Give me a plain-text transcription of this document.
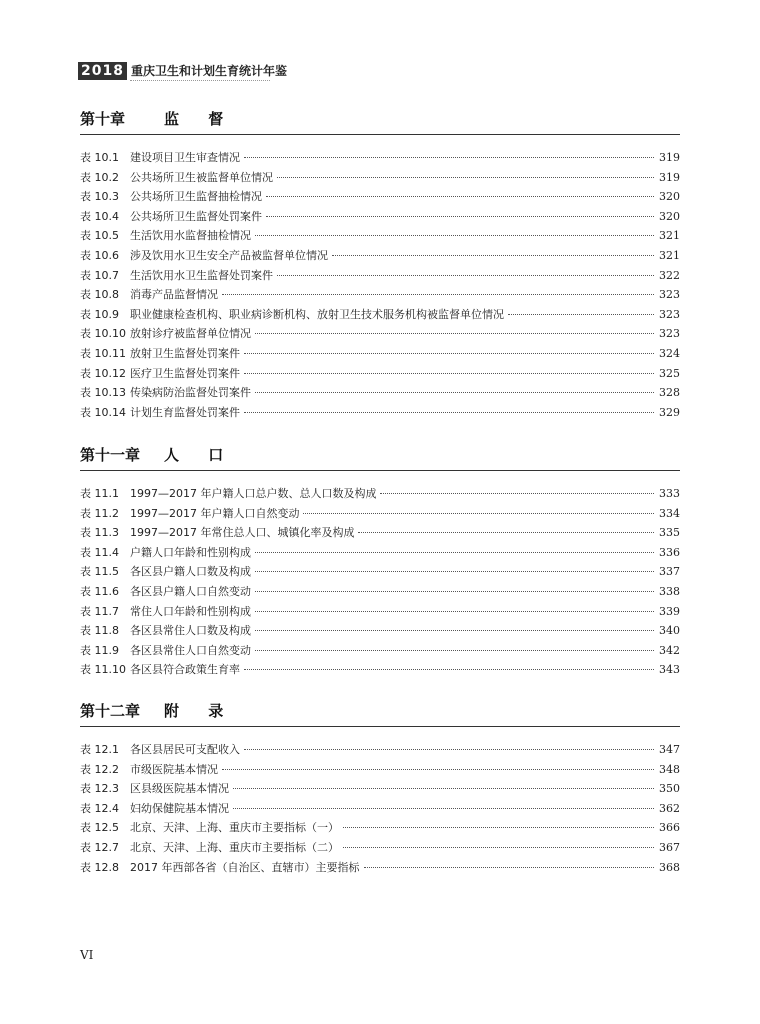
2018 重庆卫生和计划生育统计年鉴
第十章	监 督
表 10.1	建设项目卫生审查情况	319
表 10.2	公共场所卫生被监督单位情况	319
表 10.3	公共场所卫生监督抽检情况	320
表 10.4	公共场所卫生监督处罚案件	320
表 10.5	生活饮用水监督抽检情况	321
表 10.6	涉及饮用水卫生安全产品被监督单位情况	321
表 10.7	生活饮用水卫生监督处罚案件	322
表 10.8	消毒产品监督情况	323
表 10.9	职业健康检查机构、职业病诊断机构、放射卫生技术服务机构被监督单位情况	323
表 10.10 放射诊疗被监督单位情况	323
表 10.11 放射卫生监督处罚案件	324
表 10.12 医疗卫生监督处罚案件	325
表 10.13 传染病防治监督处罚案件	328
表 10.14 计划生育监督处罚案件	329
第十一章	人 口
表 11.1	1997—2017 年户籍人口总户数、总人口数及构成	333
表 11.2	1997—2017 年户籍人口自然变动	334
表 11.3	1997—2017 年常住总人口、城镇化率及构成	335
表 11.4	户籍人口年龄和性别构成	336
表 11.5	各区县户籍人口数及构成	337
表 11.6	各区县户籍人口自然变动	338
表 11.7	常住人口年龄和性别构成	339
表 11.8	各区县常住人口数及构成	340
表 11.9	各区县常住人口自然变动	342
表 11.10 各区县符合政策生育率	343
第十二章	附 录
表 12.1	各区县居民可支配收入	347
表 12.2	市级医院基本情况	348
表 12.3	区县级医院基本情况	350
表 12.4	妇幼保健院基本情况	362
表 12.5	北京、天津、上海、重庆市主要指标（一）	366
表 12.7	北京、天津、上海、重庆市主要指标（二）	367
表 12.8	2017 年西部各省（自治区、直辖市）主要指标	368
VI
